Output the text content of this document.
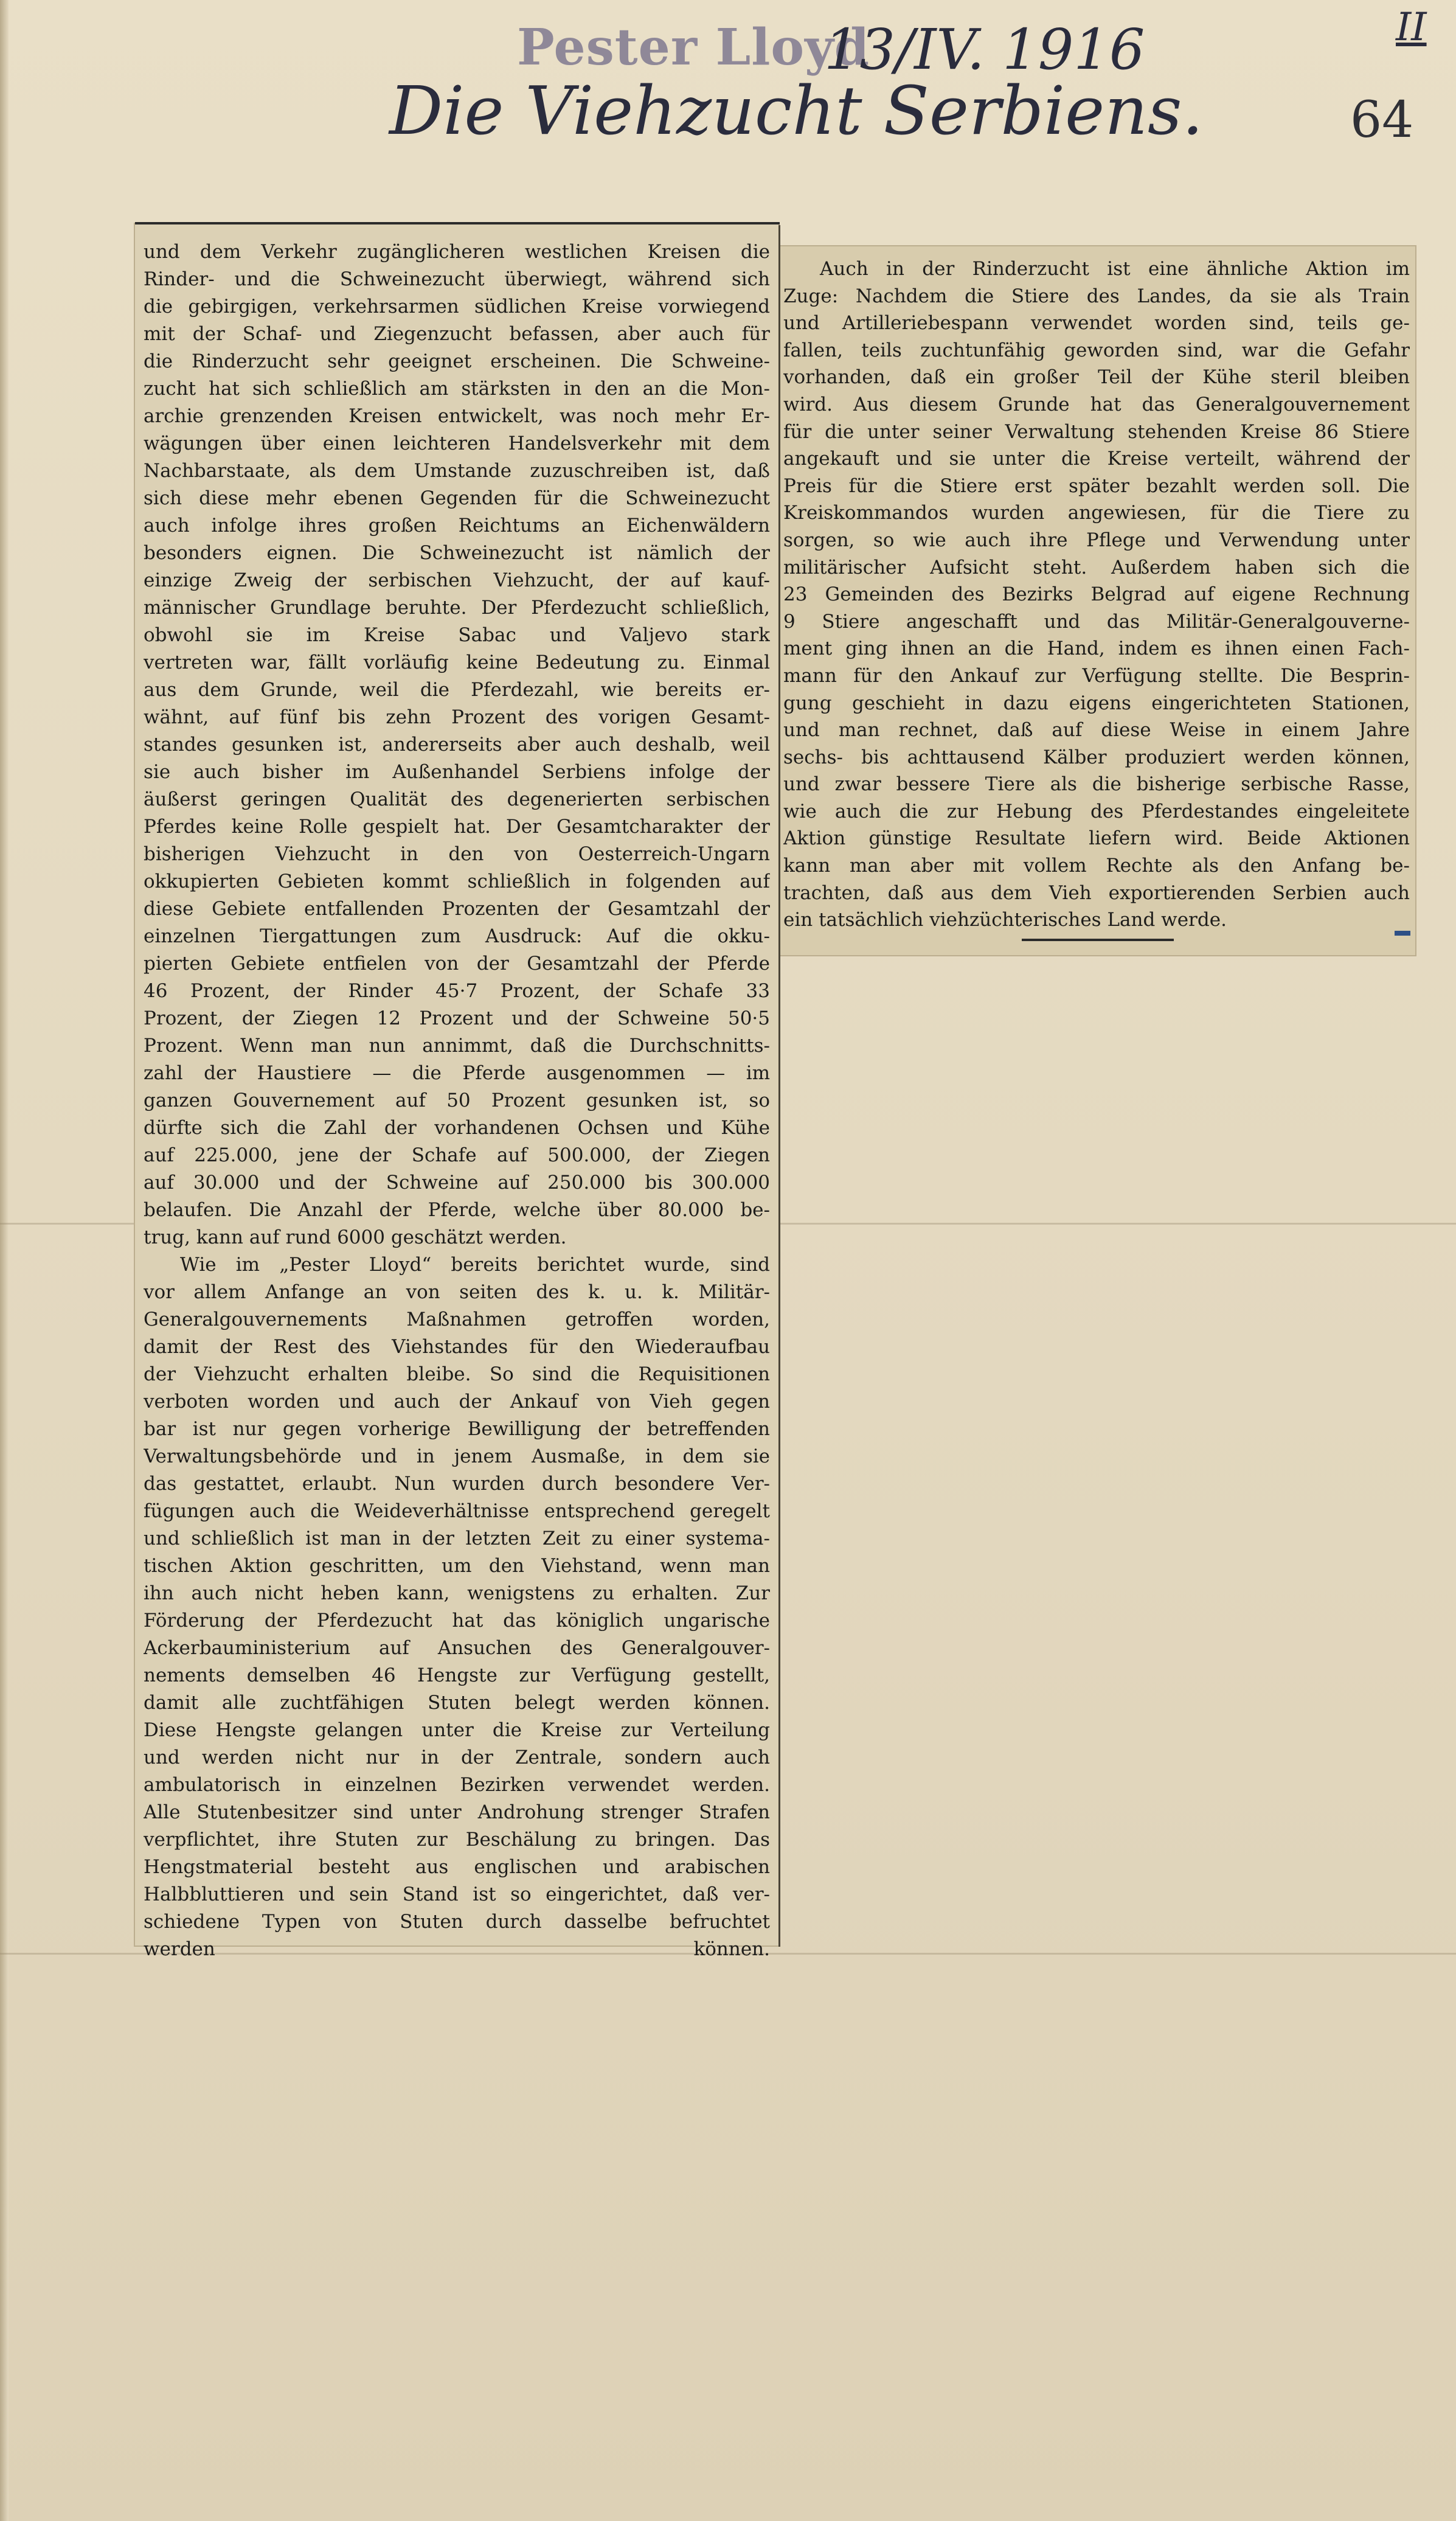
Pester Lloyd
13/IV. 1916
Die Viehzucht Serbiens.
II
64
und dem Verkehr zugänglicheren westlichen Kreisen die
Rinder- und die Schweinezucht überwiegt, während sich
die gebirgigen, verkehrsarmen südlichen Kreise vorwiegend
mit der Schaf- und Ziegenzucht befassen, aber auch für
die Rinderzucht sehr geeignet erscheinen. Die Schweine-
zucht hat sich schließlich am stärksten in den an die Mon-
archie grenzenden Kreisen entwickelt, was noch mehr Er-
wägungen über einen leichteren Handelsverkehr mit dem
Nachbarstaate, als dem Umstande zuzuschreiben ist, daß
sich diese mehr ebenen Gegenden für die Schweinezucht
auch infolge ihres großen Reichtums an Eichenwäldern
besonders eignen. Die Schweinezucht ist nämlich der
einzige Zweig der serbischen Viehzucht, der auf kauf-
männischer Grundlage beruhte. Der Pferdezucht schließlich,
obwohl sie im Kreise Sabac und Valjevo stark
vertreten war, fällt vorläufig keine Bedeutung zu. Einmal
aus dem Grunde, weil die Pferdezahl, wie bereits er-
wähnt, auf fünf bis zehn Prozent des vorigen Gesamt-
standes gesunken ist, andererseits aber auch deshalb, weil
sie auch bisher im Außenhandel Serbiens infolge der
äußerst geringen Qualität des degenerierten serbischen
Pferdes keine Rolle gespielt hat. Der Gesamtcharakter der
bisherigen Viehzucht in den von Oesterreich-Ungarn
okkupierten Gebieten kommt schließlich in folgenden auf
diese Gebiete entfallenden Prozenten der Gesamtzahl der
einzelnen Tiergattungen zum Ausdruck: Auf die okku-
pierten Gebiete entfielen von der Gesamtzahl der Pferde
46 Prozent, der Rinder 45·7 Prozent, der Schafe 33
Prozent, der Ziegen 12 Prozent und der Schweine 50·5
Prozent. Wenn man nun annimmt, daß die Durchschnitts-
zahl der Haustiere — die Pferde ausgenommen — im
ganzen Gouvernement auf 50 Prozent gesunken ist, so
dürfte sich die Zahl der vorhandenen Ochsen und Kühe
auf 225.000, jene der Schafe auf 500.000, der Ziegen
auf 30.000 und der Schweine auf 250.000 bis 300.000
belaufen. Die Anzahl der Pferde, welche über 80.000 be-
trug, kann auf rund 6000 geschätzt werden.
Wie im „Pester Lloyd“ bereits berichtet wurde, sind
vor allem Anfange an von seiten des k. u. k. Militär-
Generalgouvernements Maßnahmen getroffen worden,
damit der Rest des Viehstandes für den Wiederaufbau
der Viehzucht erhalten bleibe. So sind die Requisitionen
verboten worden und auch der Ankauf von Vieh gegen
bar ist nur gegen vorherige Bewilligung der betreffenden
Verwaltungsbehörde und in jenem Ausmaße, in dem sie
das gestattet, erlaubt. Nun wurden durch besondere Ver-
fügungen auch die Weideverhältnisse entsprechend geregelt
und schließlich ist man in der letzten Zeit zu einer systema-
tischen Aktion geschritten, um den Viehstand, wenn man
ihn auch nicht heben kann, wenigstens zu erhalten. Zur
Förderung der Pferdezucht hat das königlich ungarische
Ackerbauministerium auf Ansuchen des Generalgouver-
nements demselben 46 Hengste zur Verfügung gestellt,
damit alle zuchtfähigen Stuten belegt werden können.
Diese Hengste gelangen unter die Kreise zur Verteilung
und werden nicht nur in der Zentrale, sondern auch
ambulatorisch in einzelnen Bezirken verwendet werden.
Alle Stutenbesitzer sind unter Androhung strenger Strafen
verpflichtet, ihre Stuten zur Beschälung zu bringen. Das
Hengstmaterial besteht aus englischen und arabischen
Halbbluttieren und sein Stand ist so eingerichtet, daß ver-
schiedene Typen von Stuten durch dasselbe befruchtet
werden können.
Auch in der Rinderzucht ist eine ähnliche Aktion im
Zuge: Nachdem die Stiere des Landes, da sie als Train
und Artilleriebespann verwendet worden sind, teils ge-
fallen, teils zuchtunfähig geworden sind, war die Gefahr
vorhanden, daß ein großer Teil der Kühe steril bleiben
wird. Aus diesem Grunde hat das Generalgouvernement
für die unter seiner Verwaltung stehenden Kreise 86 Stiere
angekauft und sie unter die Kreise verteilt, während der
Preis für die Stiere erst später bezahlt werden soll. Die
Kreiskommandos wurden angewiesen, für die Tiere zu
sorgen, so wie auch ihre Pflege und Verwendung unter
militärischer Aufsicht steht. Außerdem haben sich die
23 Gemeinden des Bezirks Belgrad auf eigene Rechnung
9 Stiere angeschafft und das Militär-Generalgouverne-
ment ging ihnen an die Hand, indem es ihnen einen Fach-
mann für den Ankauf zur Verfügung stellte. Die Besprin-
gung geschieht in dazu eigens eingerichteten Stationen,
und man rechnet, daß auf diese Weise in einem Jahre
sechs- bis achttausend Kälber produziert werden können,
und zwar bessere Tiere als die bisherige serbische Rasse,
wie auch die zur Hebung des Pferdestandes eingeleitete
Aktion günstige Resultate liefern wird. Beide Aktionen
kann man aber mit vollem Rechte als den Anfang be-
trachten, daß aus dem Vieh exportierenden Serbien auch
ein tatsächlich viehzüchterisches Land werde.
